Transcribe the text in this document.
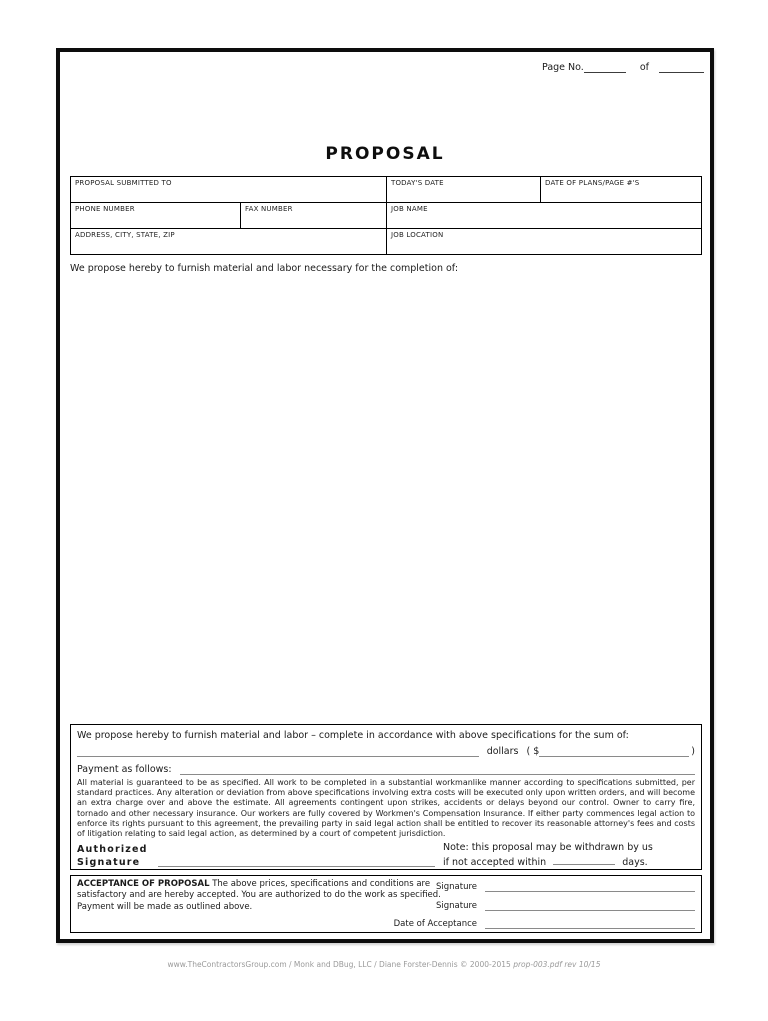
Page No.	of
PROPOSAL
PROPOSAL SUBMITTED TO	TODAY'S DATE	DATE OF PLANS/PAGE #'S
PHONE NUMBER	FAX NUMBER	JOB NAME
ADDRESS, CITY, STATE, ZIP	JOB LOCATION
We propose hereby to furnish material and labor necessary for the completion of:
We propose hereby to furnish material and labor – complete in accordance with above specifications for the sum of:
dollars ( $	)
Payment as follows:
All material is guaranteed to be as specified. All work to be completed in a substantial workmanlike manner according to specifications submitted, per standard practices. Any alteration or deviation from above specifications involving extra costs will be executed only upon written orders, and will become an extra charge over and above the estimate. All agreements contingent upon strikes, accidents or delays beyond our control. Owner to carry fire, tornado and other necessary insurance. Our workers are fully covered by Workmen's Compensation Insurance. If either party commences legal action to enforce its rights pursuant to this agreement, the prevailing party in said legal action shall be entitled to recover its reasonable attorney's fees and costs of litigation relating to said legal action, as determined by a court of competent jurisdiction.
Authorized
Signature
Note: this proposal may be withdrawn by us
if not accepted within	days.
ACCEPTANCE OF PROPOSAL The above prices, specifications and conditions are satisfactory and are hereby accepted. You are authorized to do the work as specified. Payment will be made as outlined above.
Signature
Signature
Date of Acceptance
www.TheContractorsGroup.com / Monk and DBug, LLC / Diane Forster-Dennis © 2000-2015 prop-003.pdf rev 10/15
